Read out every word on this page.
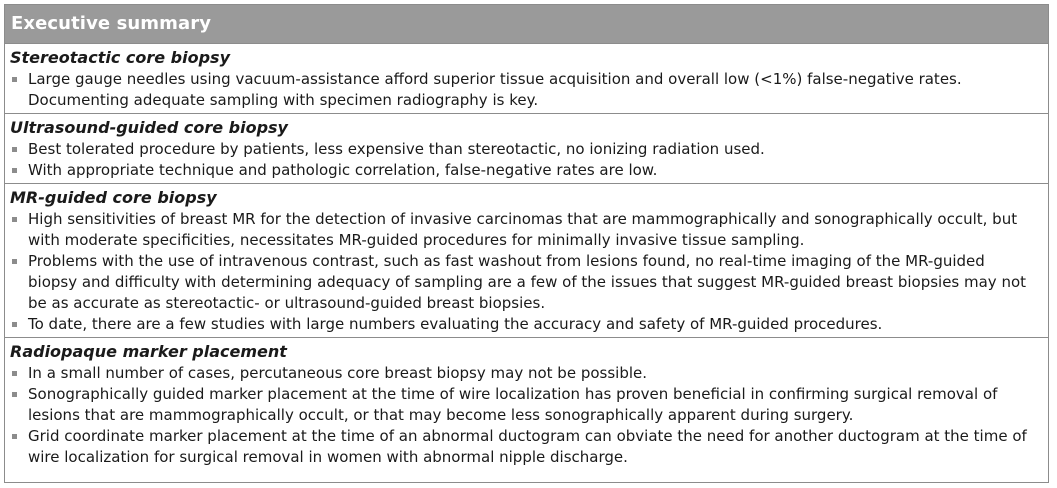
Executive summary
Stereotactic core biopsy
Large gauge needles using vacuum-assistance afford superior tissue acquisition and overall low (<1%) false-negative rates. Documenting adequate sampling with specimen radiography is key.
Ultrasound-guided core biopsy
Best tolerated procedure by patients, less expensive than stereotactic, no ionizing radiation used.
With appropriate technique and pathologic correlation, false-negative rates are low.
MR-guided core biopsy
High sensitivities of breast MR for the detection of invasive carcinomas that are mammographically and sonographically occult, but with moderate specificities, necessitates MR-guided procedures for minimally invasive tissue sampling.
Problems with the use of intravenous contrast, such as fast washout from lesions found, no real-time imaging of the MR-guided biopsy and difficulty with determining adequacy of sampling are a few of the issues that suggest MR-guided breast biopsies may not be as accurate as stereotactic- or ultrasound-guided breast biopsies.
To date, there are a few studies with large numbers evaluating the accuracy and safety of MR-guided procedures.
Radiopaque marker placement
In a small number of cases, percutaneous core breast biopsy may not be possible.
Sonographically guided marker placement at the time of wire localization has proven beneficial in confirming surgical removal of lesions that are mammographically occult, or that may become less sonographically apparent during surgery.
Grid coordinate marker placement at the time of an abnormal ductogram can obviate the need for another ductogram at the time of wire localization for surgical removal in women with abnormal nipple discharge.
